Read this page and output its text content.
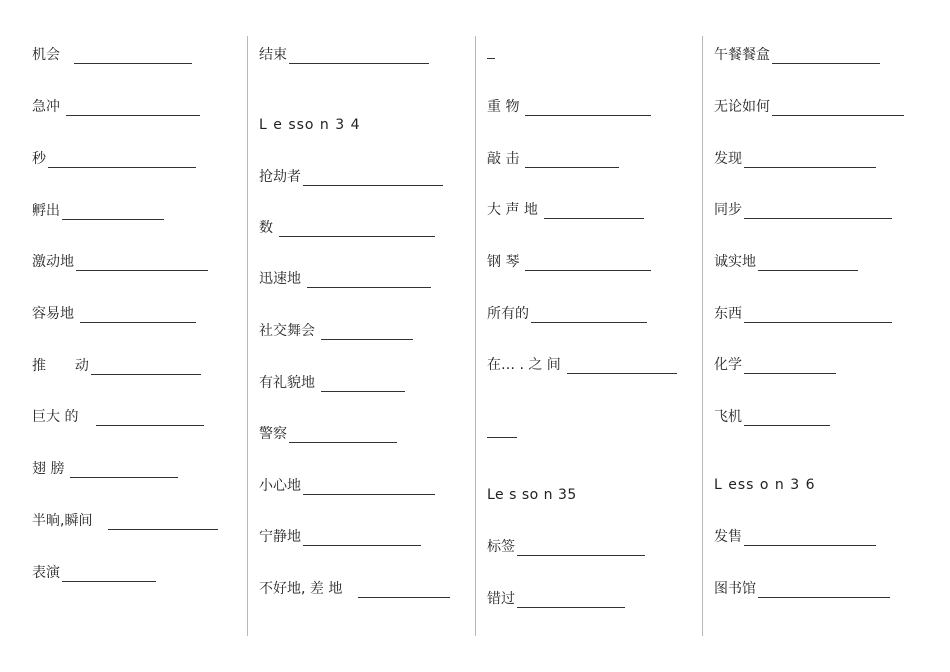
机会
急冲
秒
孵出
激动地
容易地
推  动
巨大 的
翅 膀
半晌,瞬间
表演
结束
L e sso n 3 4
抢劫者
数
迅速地
社交舞会
有礼貌地
警察
小心地
宁静地
不好地, 差 地
重 物
敲 击
大 声 地
钢 琴
所有的
在… . 之 间
Le s so n 35
标签
错过
午餐餐盒
无论如何
发现
同步
诚实地
东西
化学
飞机
L ess o n 3 6
发售
图书馆
